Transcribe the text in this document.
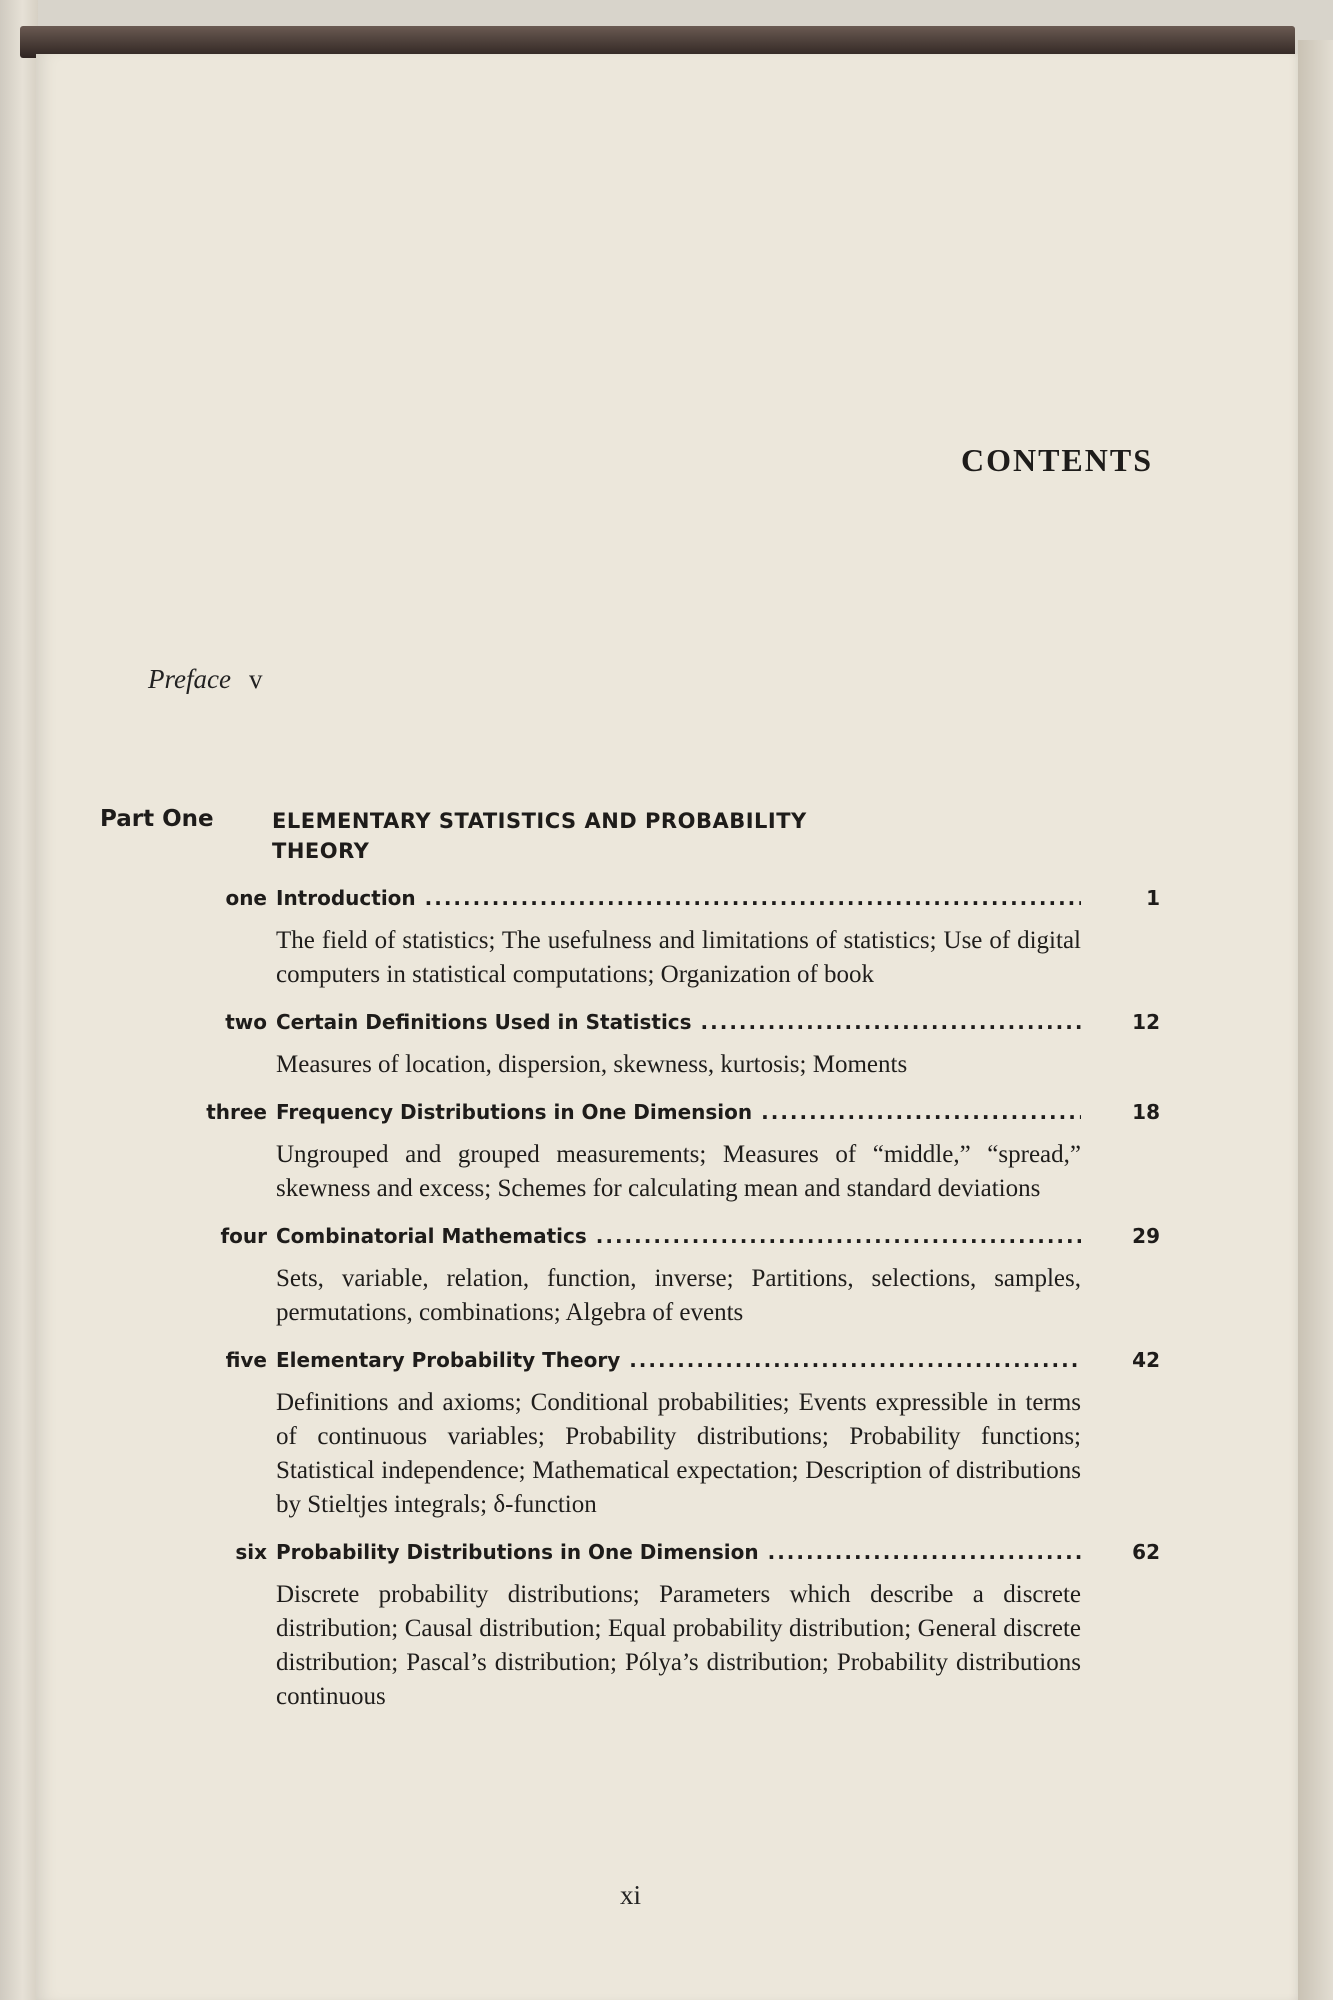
CONTENTS
Preface v
Part One	ELEMENTARY STATISTICS AND PROBABILITY THEORY
one Introduction .....	1
The field of statistics; The usefulness and limitations of statistics; Use of digital computers in statistical computations; Organization of book
two Certain Definitions Used in Statistics .....	12
Measures of location, dispersion, skewness, kurtosis; Moments
three Frequency Distributions in One Dimension .....	18
Ungrouped and grouped measurements; Measures of “middle,” “spread,” skewness and excess; Schemes for calculating mean and standard deviations
four Combinatorial Mathematics .....	29
Sets, variable, relation, function, inverse; Partitions, selections, samples, permutations, combinations; Algebra of events
five Elementary Probability Theory .....	42
Definitions and axioms; Conditional probabilities; Events expressible in terms of continuous variables; Probability distributions; Probability functions; Statistical independence; Mathematical expectation; Description of distributions by Stieltjes integrals; δ-function
six Probability Distributions in One Dimension .....	62
Discrete probability distributions; Parameters which describe a discrete distribution; Causal distribution; Equal probability distribution; General discrete distribution; Pascal’s distribution; Pólya’s distribution; Probability distributions continuous
xi
